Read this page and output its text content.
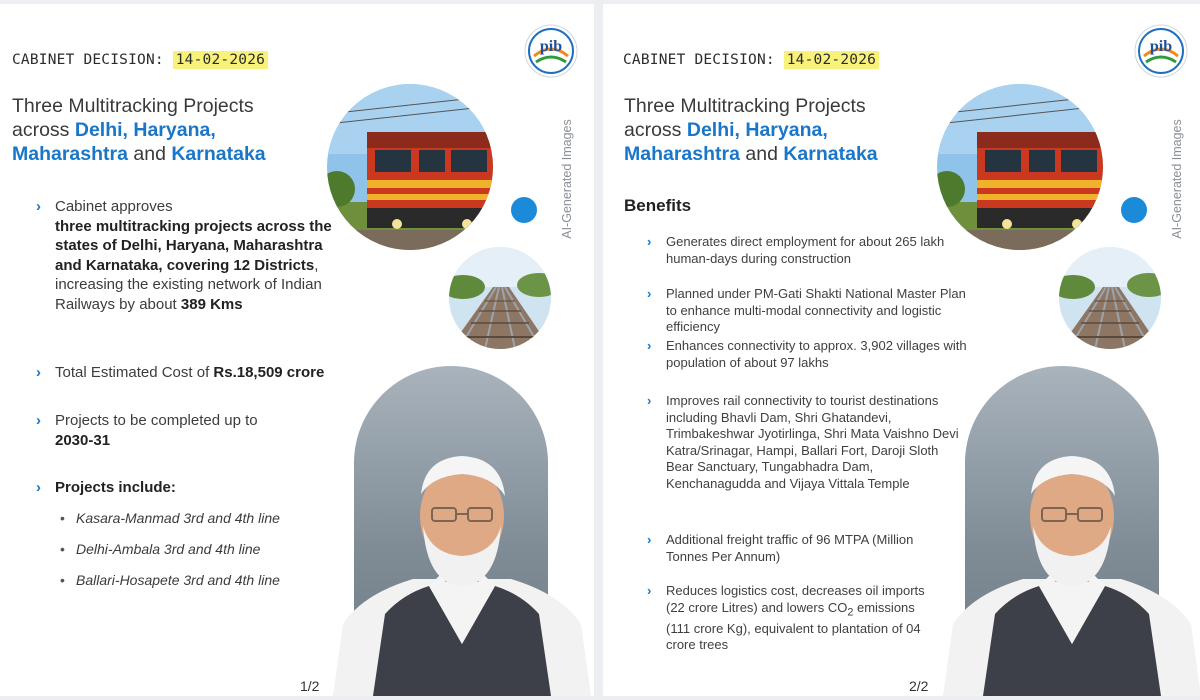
CABINET DECISION: 14-02-2026
Three Multitracking Projects
across Delhi, Haryana,
Maharashtra and Karnataka
pib
AI-Generated Images
› Cabinet approves
three multitracking projects across the states of Delhi, Haryana, Maharashtra and Karnataka, covering 12 Districts, increasing the existing network of Indian Railways by about 389 Kms
› Total Estimated Cost of Rs.18,509 crore
› Projects to be completed up to 2030-31
› Projects include:
• Kasara-Manmad 3rd and 4th line
• Delhi-Ambala 3rd and 4th line
• Ballari-Hosapete 3rd and 4th line
1/2
CABINET DECISION: 14-02-2026
Three Multitracking Projects
across Delhi, Haryana,
Maharashtra and Karnataka
pib
AI-Generated Images
Benefits
› Generates direct employment for about 265 lakh human-days during construction
› Planned under PM-Gati Shakti National Master Plan to enhance multi-modal connectivity and logistic efficiency
› Enhances connectivity to approx. 3,902 villages with population of about 97 lakhs
› Improves rail connectivity to tourist destinations including Bhavli Dam, Shri Ghatandevi, Trimbakeshwar Jyotirlinga, Shri Mata Vaishno Devi Katra/Srinagar, Hampi, Ballari Fort, Daroji Sloth Bear Sanctuary, Tungabhadra Dam, Kenchanagudda and Vijaya Vittala Temple
› Additional freight traffic of 96 MTPA (Million Tonnes Per Annum)
› Reduces logistics cost, decreases oil imports (22 crore Litres) and lowers $CO_2$ emissions (111 crore Kg), equivalent to plantation of 04 crore trees
2/2
